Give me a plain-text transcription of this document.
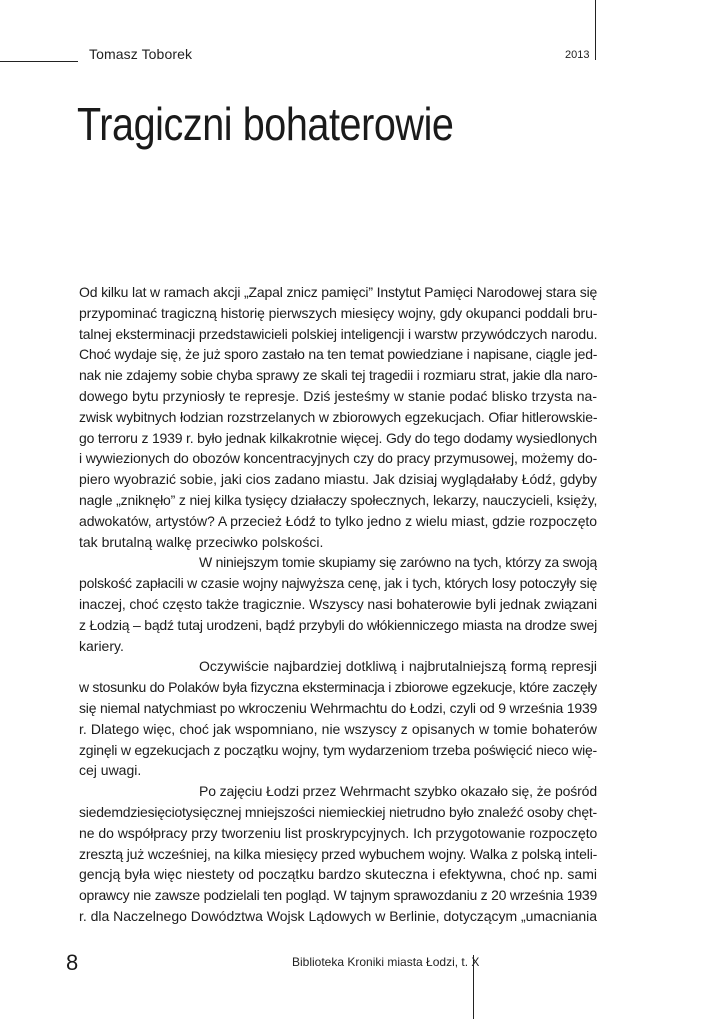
Tomasz Toborek	2013
Tragiczni bohaterowie
Od kilku lat w ramach akcji „Zapal znicz pamięci” Instytut Pamięci Narodowej stara się
przypominać tragiczną historię pierwszych miesięcy wojny, gdy okupanci poddali bru-
talnej eksterminacji przedstawicieli polskiej inteligencji i warstw przywódczych narodu.
Choć wydaje się, że już sporo zastało na ten temat powiedziane i napisane, ciągle jed-
nak nie zdajemy sobie chyba sprawy ze skali tej tragedii i rozmiaru strat, jakie dla naro-
dowego bytu przyniosły te represje. Dziś jesteśmy w stanie podać blisko trzysta na-
zwisk wybitnych łodzian rozstrzelanych w zbiorowych egzekucjach. Ofiar hitlerowskie-
go terroru z 1939 r. było jednak kilkakrotnie więcej. Gdy do tego dodamy wysiedlonych
i wywiezionych do obozów koncentracyjnych czy do pracy przymusowej, możemy do-
piero wyobrazić sobie, jaki cios zadano miastu. Jak dzisiaj wyglądałaby Łódź, gdyby
nagle „zniknęło” z niej kilka tysięcy działaczy społecznych, lekarzy, nauczycieli, księży,
adwokatów, artystów? A przecież Łódź to tylko jedno z wielu miast, gdzie rozpoczęto
tak brutalną walkę przeciwko polskości.
W niniejszym tomie skupiamy się zarówno na tych, którzy za swoją
polskość zapłacili w czasie wojny najwyższa cenę, jak i tych, których losy potoczyły się
inaczej, choć często także tragicznie. Wszyscy nasi bohaterowie byli jednak związani
z Łodzią – bądź tutaj urodzeni, bądź przybyli do włókienniczego miasta na drodze swej
kariery.
Oczywiście najbardziej dotkliwą i najbrutalniejszą formą represji
w stosunku do Polaków była fizyczna eksterminacja i zbiorowe egzekucje, które zaczęły
się niemal natychmiast po wkroczeniu Wehrmachtu do Łodzi, czyli od 9 września 1939
r. Dlatego więc, choć jak wspomniano, nie wszyscy z opisanych w tomie bohaterów
zginęli w egzekucjach z początku wojny, tym wydarzeniom trzeba poświęcić nieco wię-
cej uwagi.
Po zajęciu Łodzi przez Wehrmacht szybko okazało się, że pośród
siedemdziesięciotysięcznej mniejszości niemieckiej nietrudno było znaleźć osoby chęt-
ne do współpracy przy tworzeniu list proskrypcyjnych. Ich przygotowanie rozpoczęto
zresztą już wcześniej, na kilka miesięcy przed wybuchem wojny. Walka z polską inteli-
gencją była więc niestety od początku bardzo skuteczna i efektywna, choć np. sami
oprawcy nie zawsze podzielali ten pogląd. W tajnym sprawozdaniu z 20 września 1939
r. dla Naczelnego Dowództwa Wojsk Lądowych w Berlinie, dotyczącym „umacniania
8	Biblioteka Kroniki miasta Łodzi, t. X
